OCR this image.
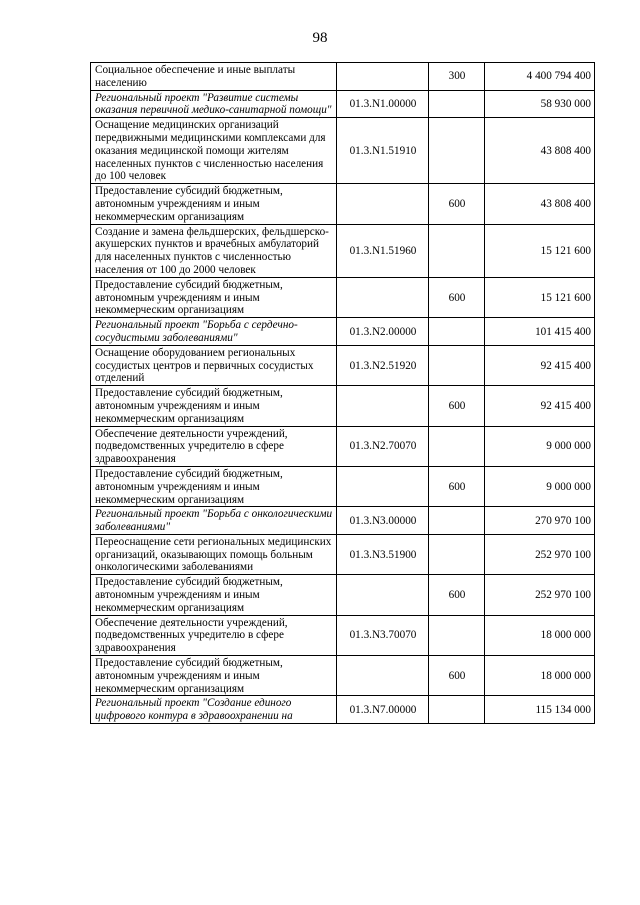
98
Социальное обеспечение и иные выплаты населению		300	4 400 794 400
Региональный проект "Развитие системы оказания первичной медико-санитарной помощи"	01.3.N1.00000		58 930 000
Оснащение медицинских организаций передвижными медицинскими комплексами для оказания медицинской помощи жителям населенных пунктов с численностью населения до 100 человек	01.3.N1.51910		43 808 400
Предоставление субсидий бюджетным, автономным учреждениям и иным некоммерческим организациям		600	43 808 400
Создание и замена фельдшерских, фельдшерско-акушерских пунктов и врачебных амбулаторий для населенных пунктов с численностью населения от 100 до 2000 человек	01.3.N1.51960		15 121 600
Предоставление субсидий бюджетным, автономным учреждениям и иным некоммерческим организациям		600	15 121 600
Региональный проект "Борьба с сердечно-сосудистыми заболеваниями"	01.3.N2.00000		101 415 400
Оснащение оборудованием региональных сосудистых центров и первичных сосудистых отделений	01.3.N2.51920		92 415 400
Предоставление субсидий бюджетным, автономным учреждениям и иным некоммерческим организациям		600	92 415 400
Обеспечение деятельности учреждений, подведомственных учредителю в сфере здравоохранения	01.3.N2.70070		9 000 000
Предоставление субсидий бюджетным, автономным учреждениям и иным некоммерческим организациям		600	9 000 000
Региональный проект "Борьба с онкологическими заболеваниями"	01.3.N3.00000		270 970 100
Переоснащение сети региональных медицинских организаций, оказывающих помощь больным онкологическими заболеваниями	01.3.N3.51900		252 970 100
Предоставление субсидий бюджетным, автономным учреждениям и иным некоммерческим организациям		600	252 970 100
Обеспечение деятельности учреждений, подведомственных учредителю в сфере здравоохранения	01.3.N3.70070		18 000 000
Предоставление субсидий бюджетным, автономным учреждениям и иным некоммерческим организациям		600	18 000 000
Региональный проект "Создание единого цифрового контура в здравоохранении на	01.3.N7.00000		115 134 000
